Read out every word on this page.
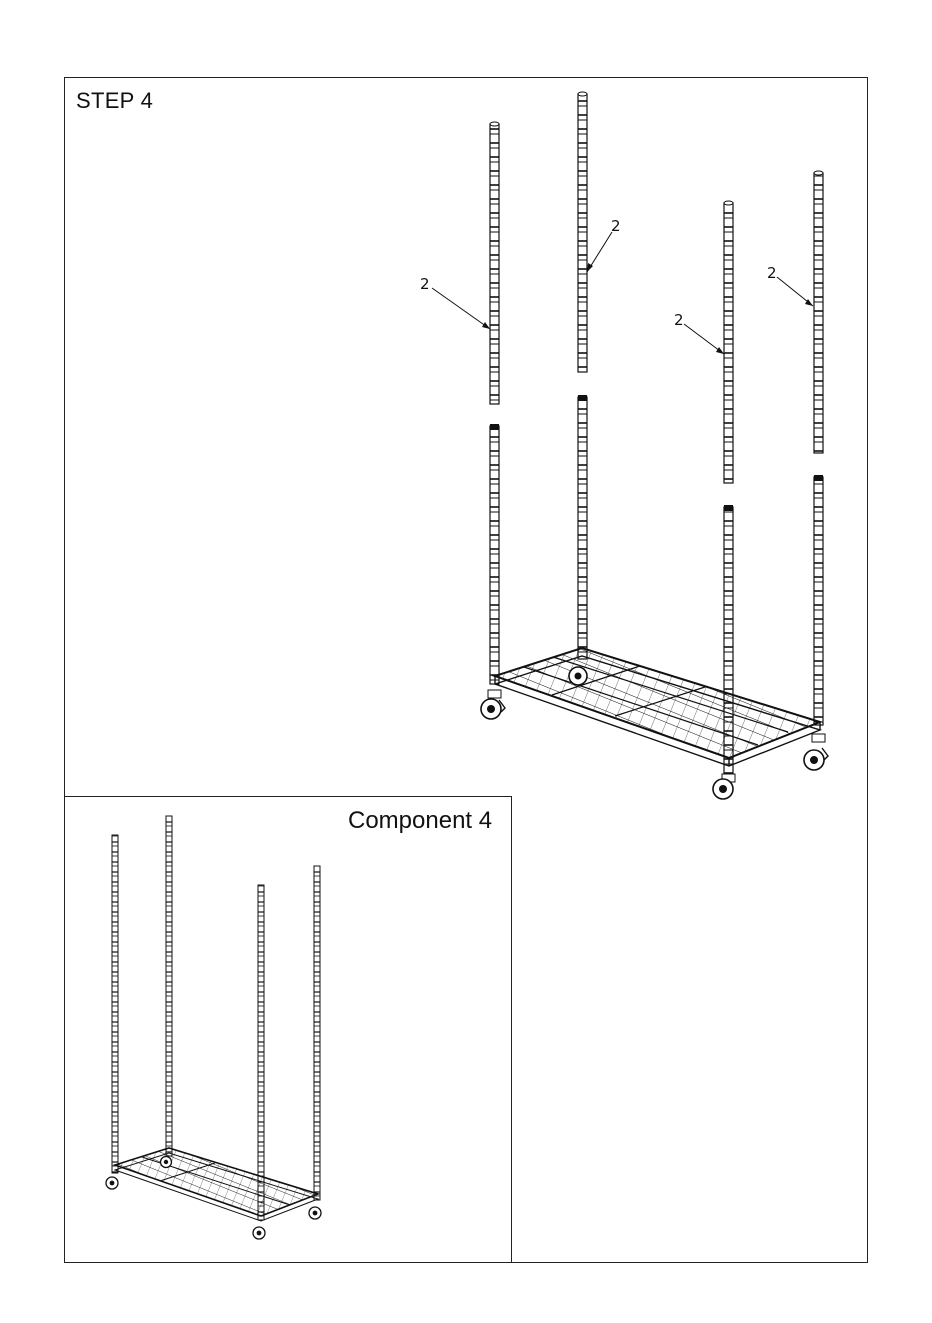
STEP 4
Component 4
2
2
2
2
